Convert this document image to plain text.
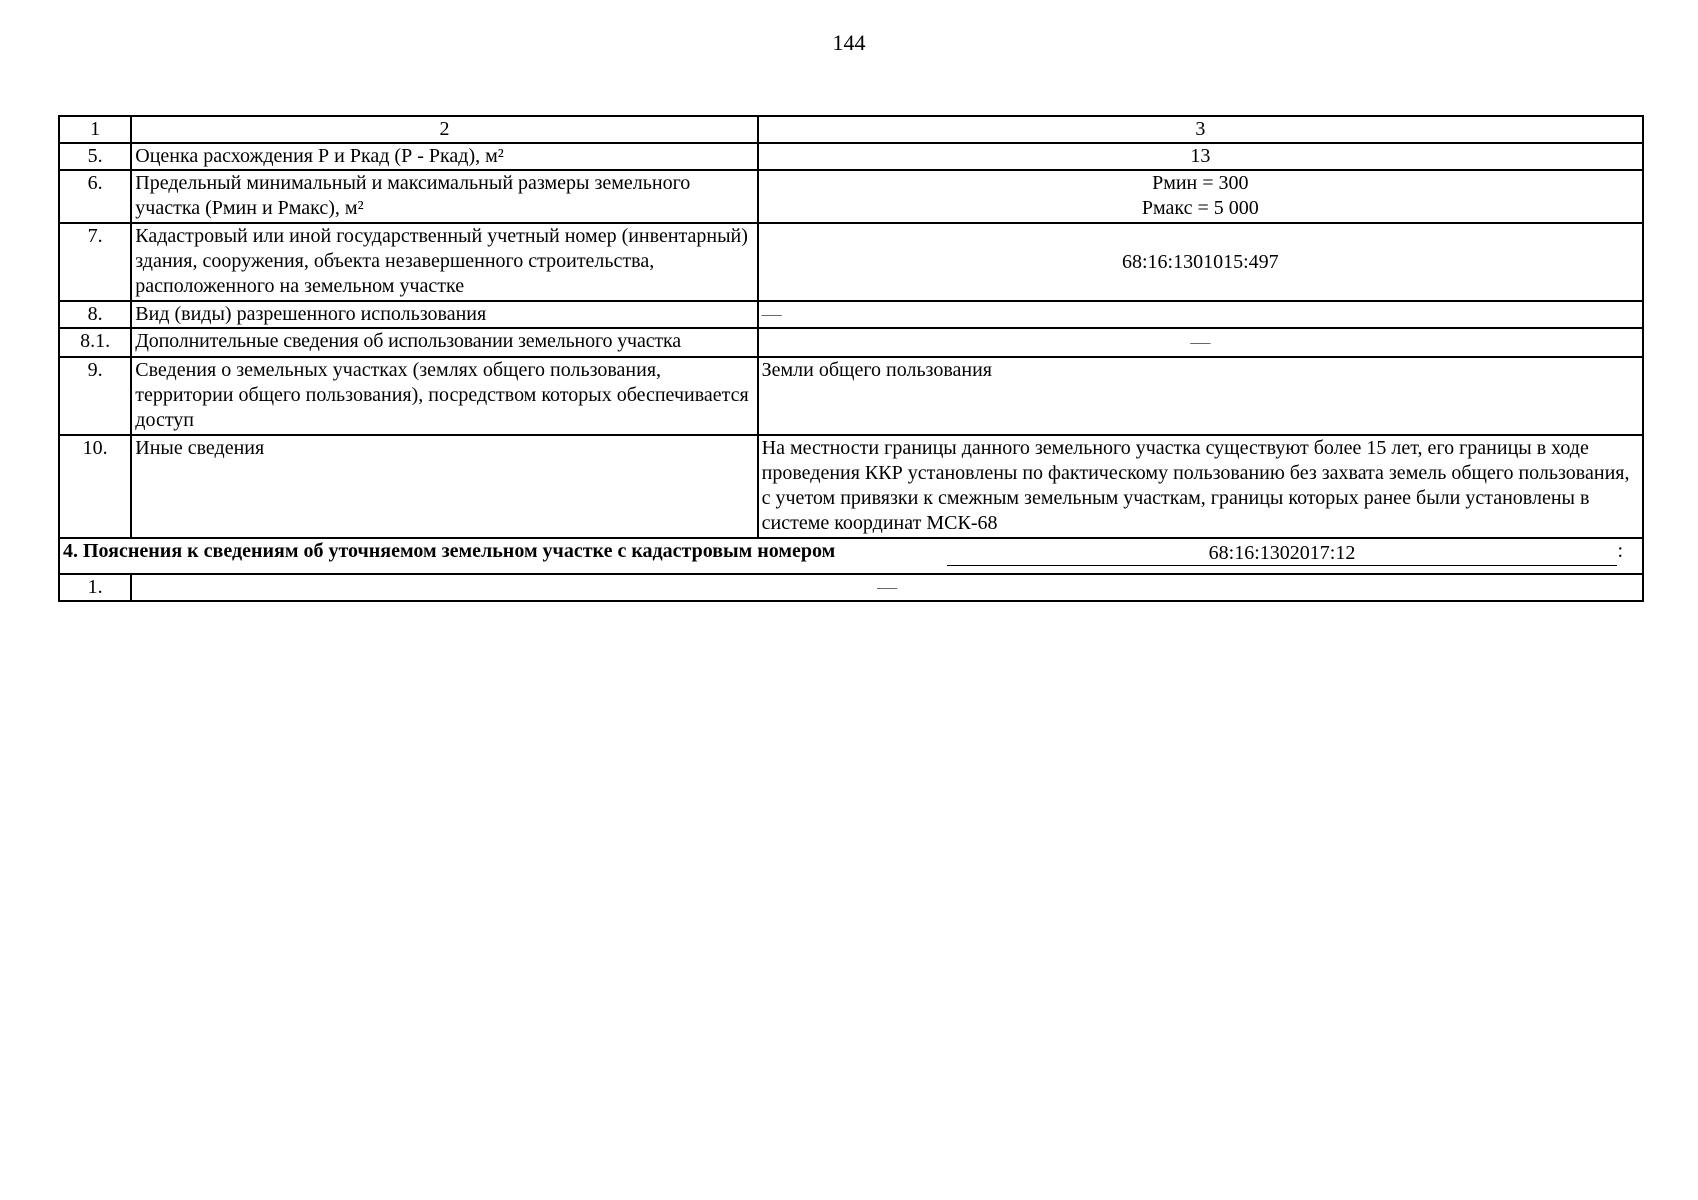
144
1	2	3
5.	Оценка расхождения Р и Ркад (Р - Ркад), м²	13
6.	Предельный минимальный и максимальный размеры земельного участка (Рмин и Рмакс), м²	Рмин = 300
Рмакс = 5 000

7.	Кадастровый или иной государственный учетный номер (инвентарный) здания, сооружения, объекта незавершенного строительства, расположенного на земельном участке	68:16:1301015:497
8.	Вид (виды) разрешенного использования	—
8.1.	Дополнительные сведения об использовании земельного участка	—
9.	Сведения о земельных участках (землях общего пользования, территории общего пользования), посредством которых обеспечивается доступ	Земли общего пользования
10.	Иные сведения	На местности границы данного земельного участка существуют более 15 лет, его границы в ходе проведения ККР установлены по фактическому пользованию без захвата земель общего пользования, с учетом привязки к смежным земельным участкам, границы которых ранее были установлены в системе координат МСК-68

4. Пояснения к сведениям об уточняемом земельном участке с кадастровым номером 68:16:1302017:12 :		

1.	—	
